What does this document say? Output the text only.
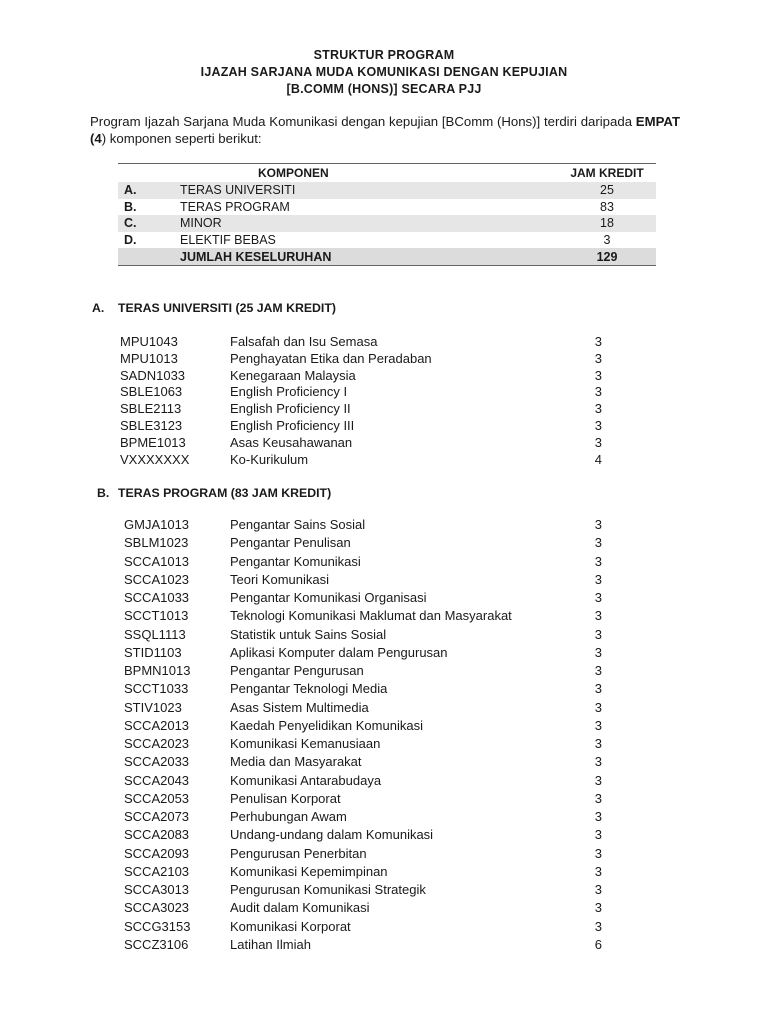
STRUKTUR PROGRAM
IJAZAH SARJANA MUDA KOMUNIKASI DENGAN KEPUJIAN
[B.COMM (HONS)] SECARA PJJ
Program Ijazah Sarjana Muda Komunikasi dengan kepujian [BComm (Hons)] terdiri daripada EMPAT (4) komponen seperti berikut:
	KOMPONEN	JAM KREDIT
A.	TERAS UNIVERSITI	25
B.	TERAS PROGRAM	83
C.	MINOR	18
D.	ELEKTIF BEBAS	3
	JUMLAH KESELURUHAN	129
A. TERAS UNIVERSITI (25 JAM KREDIT)
MPU1043	Falsafah dan Isu Semasa	3
MPU1013	Penghayatan Etika dan Peradaban	3
SADN1033	Kenegaraan Malaysia	3
SBLE1063	English Proficiency I	3
SBLE2113	English Proficiency II	3
SBLE3123	English Proficiency III	3
BPME1013	Asas Keusahawanan	3
VXXXXXXX	Ko-Kurikulum	4
B. TERAS PROGRAM (83 JAM KREDIT)
GMJA1013	Pengantar Sains Sosial	3
SBLM1023	Pengantar Penulisan	3
SCCA1013	Pengantar Komunikasi	3
SCCA1023	Teori Komunikasi	3
SCCA1033	Pengantar Komunikasi Organisasi	3
SCCT1013	Teknologi Komunikasi Maklumat dan Masyarakat	3
SSQL1113	Statistik untuk Sains Sosial	3
STID1103	Aplikasi Komputer dalam Pengurusan	3
BPMN1013	Pengantar Pengurusan	3
SCCT1033	Pengantar Teknologi Media	3
STIV1023	Asas Sistem Multimedia	3
SCCA2013	Kaedah Penyelidikan Komunikasi	3
SCCA2023	Komunikasi Kemanusiaan	3
SCCA2033	Media dan Masyarakat	3
SCCA2043	Komunikasi Antarabudaya	3
SCCA2053	Penulisan Korporat	3
SCCA2073	Perhubungan Awam	3
SCCA2083	Undang-undang dalam Komunikasi	3
SCCA2093	Pengurusan Penerbitan	3
SCCA2103	Komunikasi Kepemimpinan	3
SCCA3013	Pengurusan Komunikasi Strategik	3
SCCA3023	Audit dalam Komunikasi	3
SCCG3153	Komunikasi Korporat	3
SCCZ3106	Latihan Ilmiah	6
